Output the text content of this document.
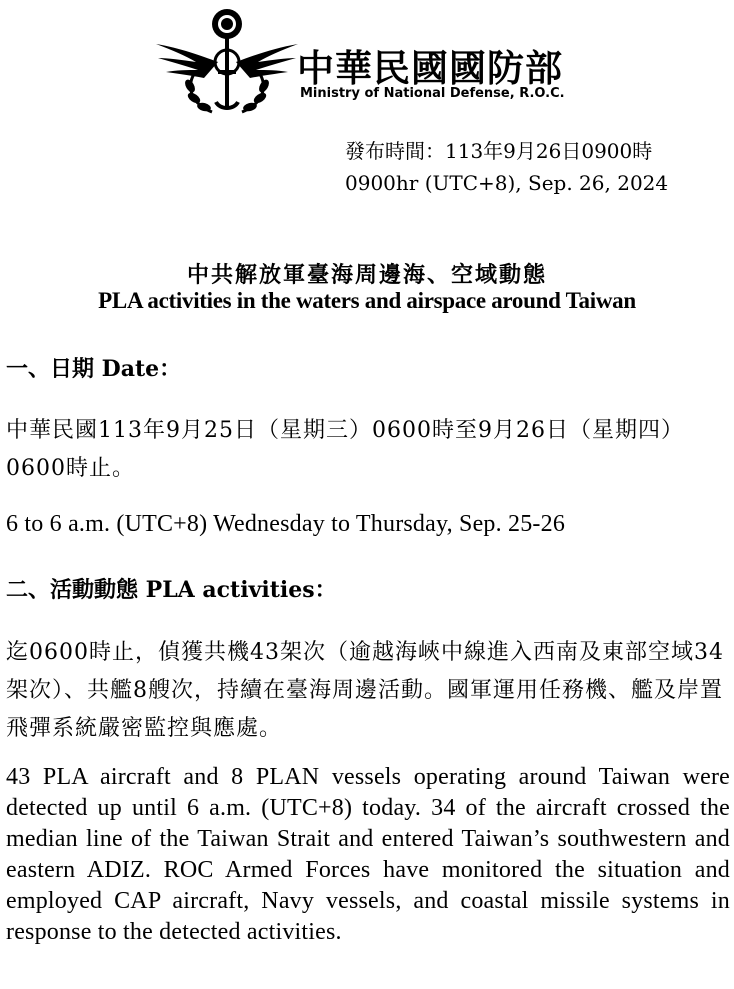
中華民國國防部
Ministry of National Defense, R.O.C.
發布時間：113年9月26日0900時
0900hr (UTC+8), Sep. 26, 2024
中共解放軍臺海周邊海、空域動態
PLA activities in the waters and airspace around Taiwan
一、日期 Date：
中華民國113年9月25日（星期三）0600時至9月26日（星期四）0600時止。
6 to 6 a.m. (UTC+8) Wednesday to Thursday, Sep. 25-26
二、活動動態 PLA activities：
迄0600時止，偵獲共機43架次（逾越海峽中線進入西南及東部空域34架次）、共艦8艘次，持續在臺海周邊活動。國軍運用任務機、艦及岸置飛彈系統嚴密監控與應處。
43 PLA aircraft and 8 PLAN vessels operating around Taiwan were detected up until 6 a.m. (UTC+8) today. 34 of the aircraft crossed the median line of the Taiwan Strait and entered Taiwan’s southwestern and eastern ADIZ. ROC Armed Forces have monitored the situation and employed CAP aircraft, Navy vessels, and coastal missile systems in response to the detected activities.
